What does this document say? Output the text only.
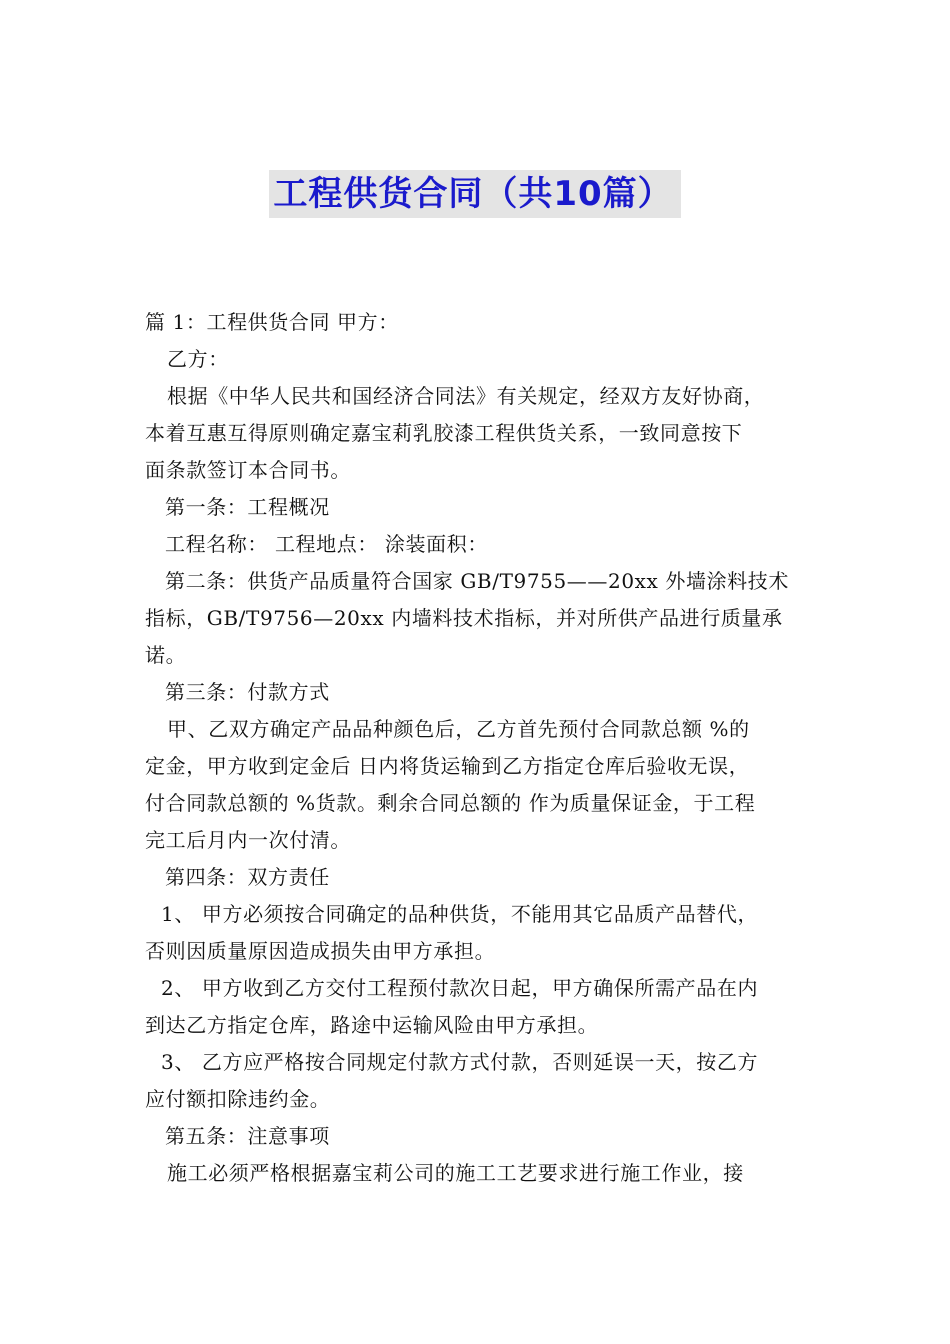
工程供货合同（共10篇）
篇 1：工程供货合同 甲方：
乙方：
根据《中华人民共和国经济合同法》有关规定，经双方友好协商，
本着互惠互得原则确定嘉宝莉乳胶漆工程供货关系，一致同意按下
面条款签订本合同书。
第一条：工程概况
工程名称： 工程地点： 涂装面积：
第二条：供货产品质量符合国家 GB/T9755——20xx 外墙涂料技术
指标，GB/T9756—20xx 内墙料技术指标，并对所供产品进行质量承
诺。
第三条：付款方式
甲、乙双方确定产品品种颜色后，乙方首先预付合同款总额 %的
定金，甲方收到定金后 日内将货运输到乙方指定仓库后验收无误，
付合同款总额的 %货款。剩余合同总额的 作为质量保证金，于工程
完工后月内一次付清。
第四条：双方责任
1、 甲方必须按合同确定的品种供货，不能用其它品质产品替代，
否则因质量原因造成损失由甲方承担。
2、 甲方收到乙方交付工程预付款次日起，甲方确保所需产品在内
到达乙方指定仓库，路途中运输风险由甲方承担。
3、 乙方应严格按合同规定付款方式付款，否则延误一天，按乙方
应付额扣除违约金。
第五条：注意事项
施工必须严格根据嘉宝莉公司的施工工艺要求进行施工作业，接
